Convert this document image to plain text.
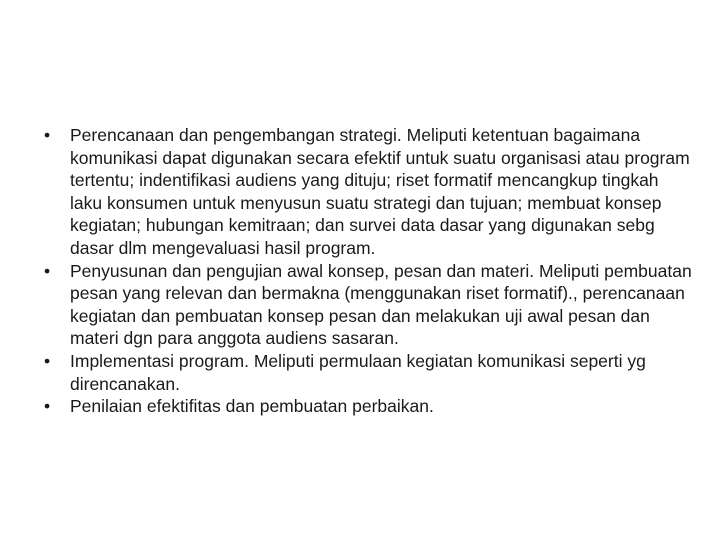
•	Perencanaan dan pengembangan strategi. Meliputi ketentuan bagaimana komunikasi dapat digunakan secara efektif untuk suatu organisasi atau program tertentu; indentifikasi audiens yang dituju; riset formatif mencangkup tingkah laku konsumen untuk menyusun suatu strategi dan tujuan; membuat konsep kegiatan; hubungan kemitraan; dan survei data dasar yang digunakan sebg dasar dlm mengevaluasi hasil program.
•	Penyusunan dan pengujian awal konsep, pesan dan materi. Meliputi pembuatan pesan yang relevan dan bermakna (menggunakan riset formatif)., perencanaan kegiatan dan pembuatan konsep pesan dan melakukan uji awal pesan dan materi dgn para anggota audiens sasaran.
•	Implementasi program. Meliputi permulaan kegiatan komunikasi seperti yg direncanakan.
•	Penilaian efektifitas dan pembuatan perbaikan.
